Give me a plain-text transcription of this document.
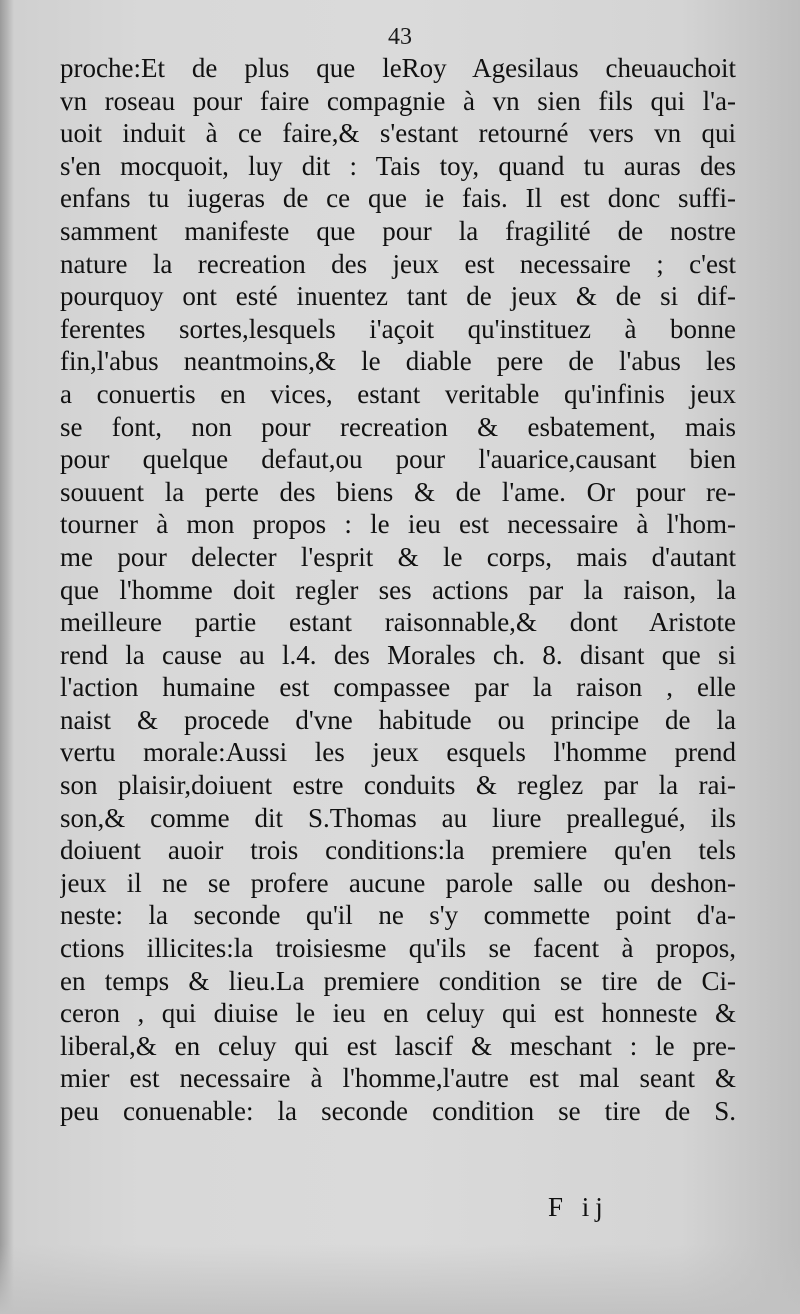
43
proche:Et de plus que leRoy Agesilaus cheuauchoit
vn roseau pour faire compagnie à vn sien fils qui l'a-
uoit induit à ce faire,& s'estant retourné vers vn qui
s'en mocquoit, luy dit : Tais toy, quand tu auras des
enfans tu iugeras de ce que ie fais. Il est donc suffi-
samment manifeste que pour la fragilité de nostre
nature la recreation des jeux est necessaire ; c'est
pourquoy ont esté inuentez tant de jeux & de si dif-
ferentes sortes,lesquels i'açoit qu'instituez à bonne
fin,l'abus neantmoins,& le diable pere de l'abus les
a conuertis en vices, estant veritable qu'infinis jeux
se font, non pour recreation & esbatement, mais
pour quelque defaut,ou pour l'auarice,causant bien
souuent la perte des biens & de l'ame. Or pour re-
tourner à mon propos : le ieu est necessaire à l'hom-
me pour delecter l'esprit & le corps, mais d'autant
que l'homme doit regler ses actions par la raison, la
meilleure partie estant raisonnable,& dont Aristote
rend la cause au l.4. des Morales ch. 8. disant que si
l'action humaine est compassee par la raison , elle
naist & procede d'vne habitude ou principe de la
vertu morale:Aussi les jeux esquels l'homme prend
son plaisir,doiuent estre conduits & reglez par la rai-
son,& comme dit S.Thomas au liure preallegué, ils
doiuent auoir trois conditions:la premiere qu'en tels
jeux il ne se profere aucune parole salle ou deshon-
neste: la seconde qu'il ne s'y commette point d'a-
ctions illicites:la troisiesme qu'ils se facent à propos,
en temps & lieu.La premiere condition se tire de Ci-
ceron , qui diuise le ieu en celuy qui est honneste &
liberal,& en celuy qui est lascif & meschant : le pre-
mier est necessaire à l'homme,l'autre est mal seant &
peu conuenable: la seconde condition se tire de S.
F ij
